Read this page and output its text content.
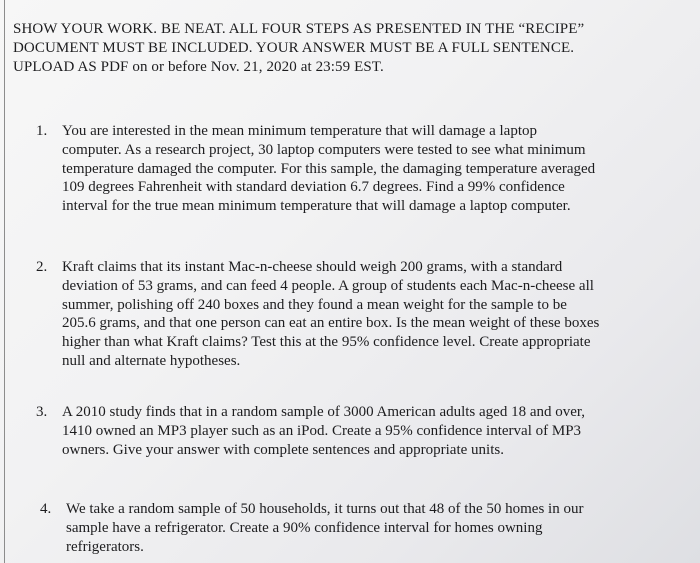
SHOW YOUR WORK. BE NEAT. ALL FOUR STEPS AS PRESENTED IN THE “RECIPE”
DOCUMENT MUST BE INCLUDED. YOUR ANSWER MUST BE A FULL SENTENCE.
UPLOAD AS PDF on or before Nov. 21, 2020 at 23:59 EST.
1. You are interested in the mean minimum temperature that will damage a laptop
computer. As a research project, 30 laptop computers were tested to see what minimum
temperature damaged the computer. For this sample, the damaging temperature averaged
109 degrees Fahrenheit with standard deviation 6.7 degrees. Find a 99% confidence
interval for the true mean minimum temperature that will damage a laptop computer.
2. Kraft claims that its instant Mac-n-cheese should weigh 200 grams, with a standard
deviation of 53 grams, and can feed 4 people. A group of students each Mac-n-cheese all
summer, polishing off 240 boxes and they found a mean weight for the sample to be
205.6 grams, and that one person can eat an entire box. Is the mean weight of these boxes
higher than what Kraft claims? Test this at the 95% confidence level. Create appropriate
null and alternate hypotheses.
3. A 2010 study finds that in a random sample of 3000 American adults aged 18 and over,
1410 owned an MP3 player such as an iPod. Create a 95% confidence interval of MP3
owners. Give your answer with complete sentences and appropriate units.
4. We take a random sample of 50 households, it turns out that 48 of the 50 homes in our
sample have a refrigerator. Create a 90% confidence interval for homes owning
refrigerators.
